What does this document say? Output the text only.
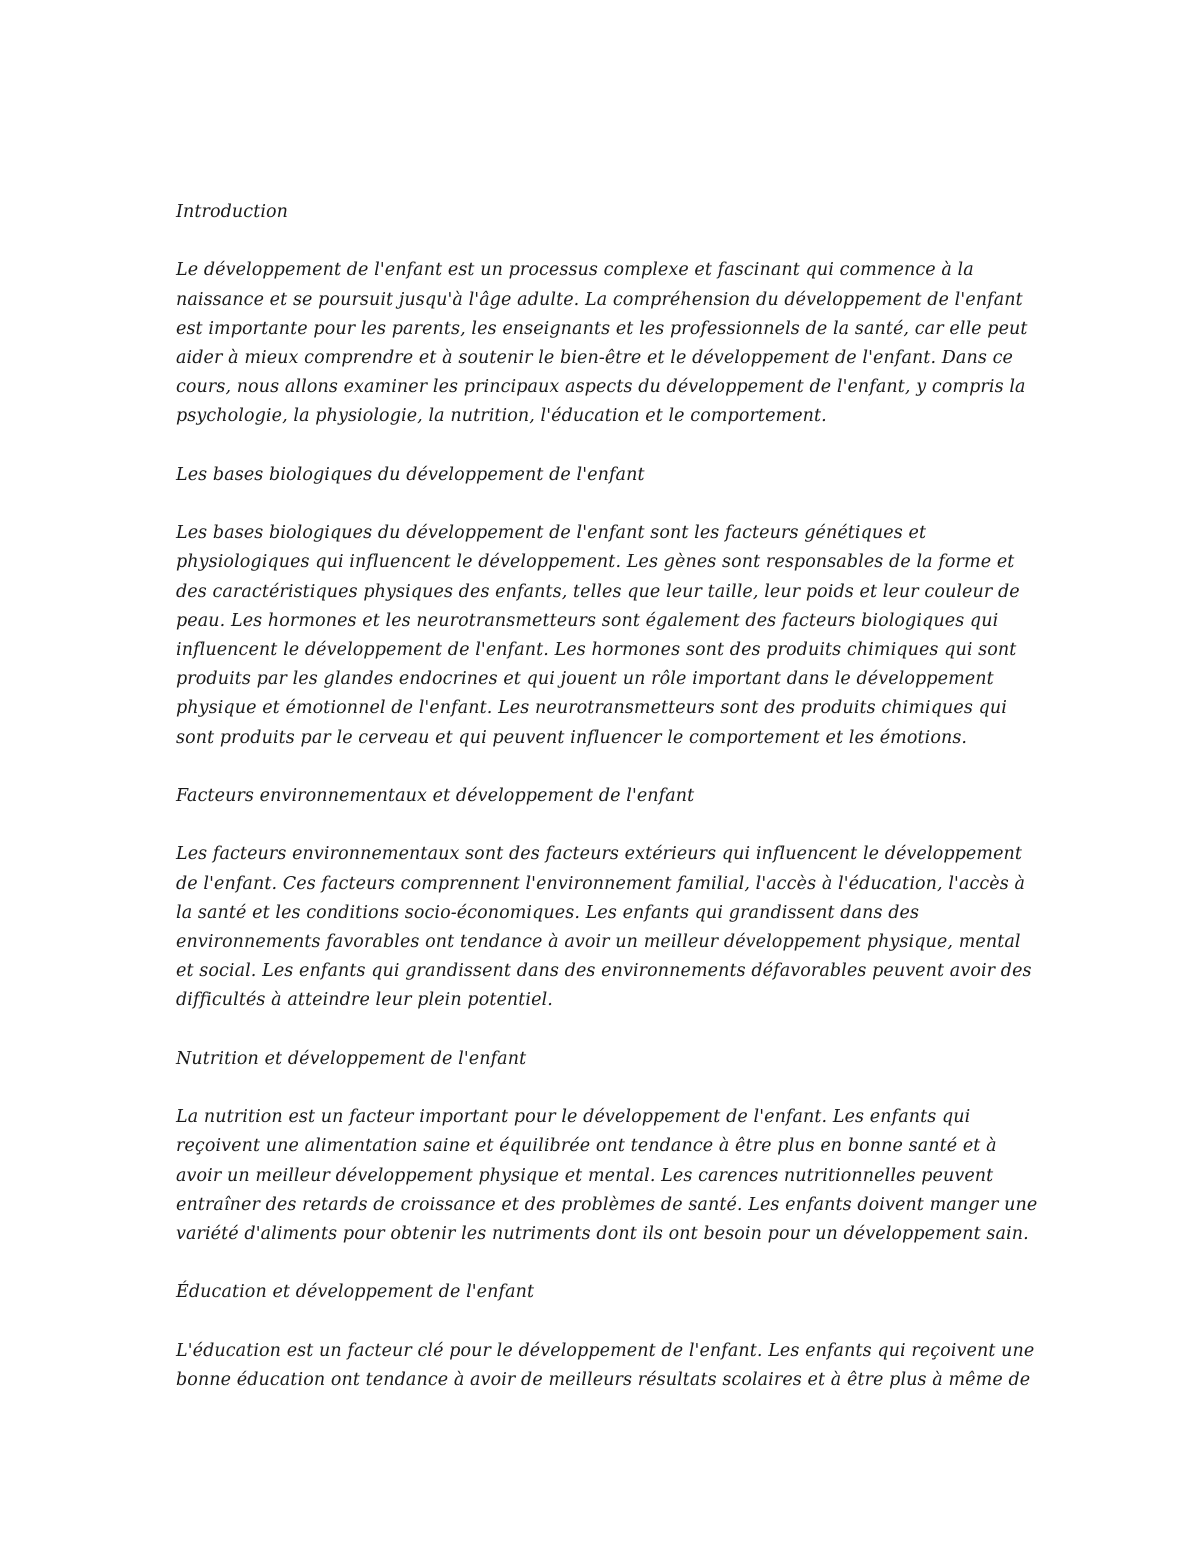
Introduction
Le développement de l'enfant est un processus complexe et fascinant qui commence à la
naissance et se poursuit jusqu'à l'âge adulte. La compréhension du développement de l'enfant
est importante pour les parents, les enseignants et les professionnels de la santé, car elle peut
aider à mieux comprendre et à soutenir le bien-être et le développement de l'enfant. Dans ce
cours, nous allons examiner les principaux aspects du développement de l'enfant, y compris la
psychologie, la physiologie, la nutrition, l'éducation et le comportement.
Les bases biologiques du développement de l'enfant
Les bases biologiques du développement de l'enfant sont les facteurs génétiques et
physiologiques qui influencent le développement. Les gènes sont responsables de la forme et
des caractéristiques physiques des enfants, telles que leur taille, leur poids et leur couleur de
peau. Les hormones et les neurotransmetteurs sont également des facteurs biologiques qui
influencent le développement de l'enfant. Les hormones sont des produits chimiques qui sont
produits par les glandes endocrines et qui jouent un rôle important dans le développement
physique et émotionnel de l'enfant. Les neurotransmetteurs sont des produits chimiques qui
sont produits par le cerveau et qui peuvent influencer le comportement et les émotions.
Facteurs environnementaux et développement de l'enfant
Les facteurs environnementaux sont des facteurs extérieurs qui influencent le développement
de l'enfant. Ces facteurs comprennent l'environnement familial, l'accès à l'éducation, l'accès à
la santé et les conditions socio-économiques. Les enfants qui grandissent dans des
environnements favorables ont tendance à avoir un meilleur développement physique, mental
et social. Les enfants qui grandissent dans des environnements défavorables peuvent avoir des
difficultés à atteindre leur plein potentiel.
Nutrition et développement de l'enfant
La nutrition est un facteur important pour le développement de l'enfant. Les enfants qui
reçoivent une alimentation saine et équilibrée ont tendance à être plus en bonne santé et à
avoir un meilleur développement physique et mental. Les carences nutritionnelles peuvent
entraîner des retards de croissance et des problèmes de santé. Les enfants doivent manger une
variété d'aliments pour obtenir les nutriments dont ils ont besoin pour un développement sain.
Éducation et développement de l'enfant
L'éducation est un facteur clé pour le développement de l'enfant. Les enfants qui reçoivent une
bonne éducation ont tendance à avoir de meilleurs résultats scolaires et à être plus à même de
